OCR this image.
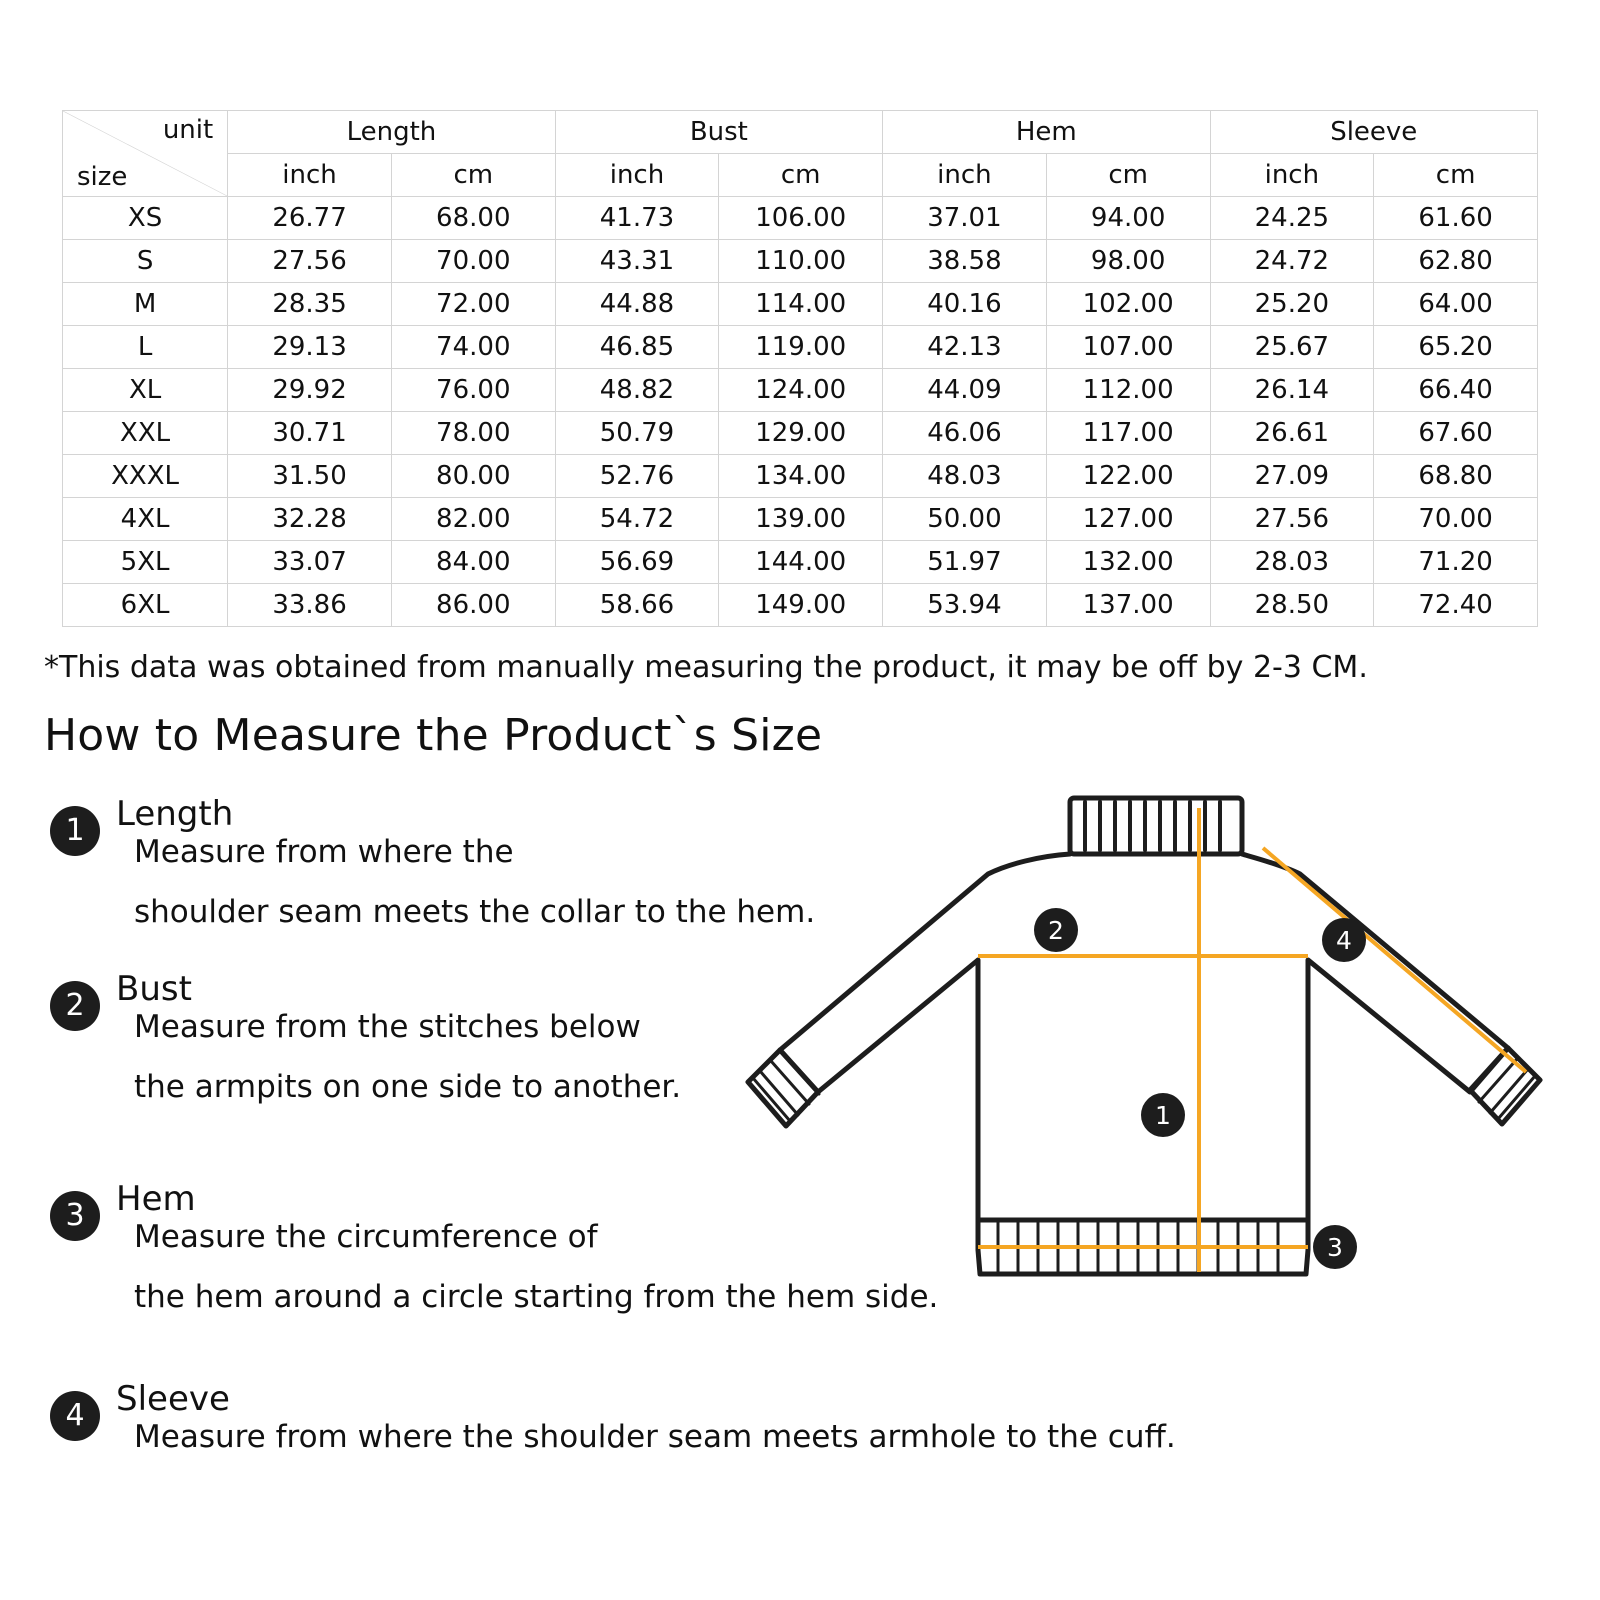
unit
size	Length		Bust		Hem		Sleeve	
	inch	cm	inch	cm	inch	cm	inch	cm
XS	26.77	68.00	41.73	106.00	37.01	94.00	24.25	61.60
S	27.56	70.00	43.31	110.00	38.58	98.00	24.72	62.80
M	28.35	72.00	44.88	114.00	40.16	102.00	25.20	64.00
L	29.13	74.00	46.85	119.00	42.13	107.00	25.67	65.20
XL	29.92	76.00	48.82	124.00	44.09	112.00	26.14	66.40
XXL	30.71	78.00	50.79	129.00	46.06	117.00	26.61	67.60
XXXL	31.50	80.00	52.76	134.00	48.03	122.00	27.09	68.80
4XL	32.28	82.00	54.72	139.00	50.00	127.00	27.56	70.00
5XL	33.07	84.00	56.69	144.00	51.97	132.00	28.03	71.20
6XL	33.86	86.00	58.66	149.00	53.94	137.00	28.50	72.40
*This data was obtained from manually measuring the product, it may be off by 2-3 CM.
How to Measure the Product`s Size
1 Length
Measure from where the
shoulder seam meets the collar to the hem.
2 Bust
Measure from the stitches below
the armpits on one side to another.
3 Hem
Measure the circumference of
the hem around a circle starting from the hem side.
4 Sleeve
Measure from where the shoulder seam meets armhole to the cuff.
2	4
1
3
